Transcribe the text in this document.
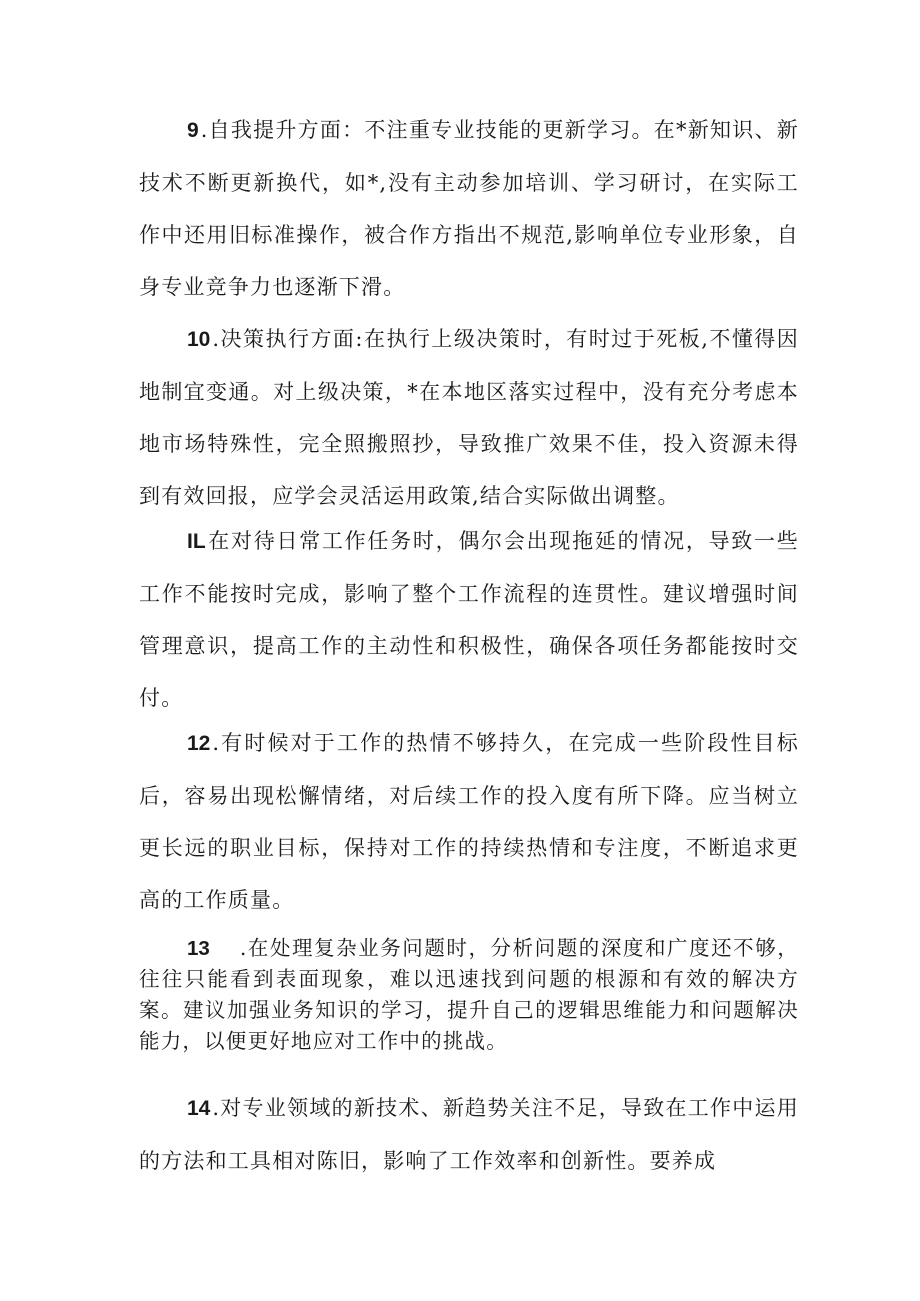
9.自我提升方面：不注重专业技能的更新学习。在*新知识、新技术不断更新换代，如*,没有主动参加培训、学习研讨，在实际工作中还用旧标准操作，被合作方指出不规范,影响单位专业形象，自身专业竞争力也逐渐下滑。

10.决策执行方面:在执行上级决策时，有时过于死板,不懂得因地制宜变通。对上级决策，*在本地区落实过程中，没有充分考虑本地市场特殊性，完全照搬照抄，导致推广效果不佳，投入资源未得到有效回报，应学会灵活运用政策,结合实际做出调整。

IL在对待日常工作任务时，偶尔会出现拖延的情况，导致一些工作不能按时完成，影响了整个工作流程的连贯性。建议增强时间管理意识，提高工作的主动性和积极性，确保各项任务都能按时交付。

12.有时候对于工作的热情不够持久，在完成一些阶段性目标后，容易出现松懈情绪，对后续工作的投入度有所下降。应当树立更长远的职业目标，保持对工作的持续热情和专注度，不断追求更高的工作质量。

13 .在处理复杂业务问题时，分析问题的深度和广度还不够，往往只能看到表面现象，难以迅速找到问题的根源和有效的解决方案。建议加强业务知识的学习，提升自己的逻辑思维能力和问题解决能力，以便更好地应对工作中的挑战。

14.对专业领域的新技术、新趋势关注不足，导致在工作中运用的方法和工具相对陈旧，影响了工作效率和创新性。要养成
